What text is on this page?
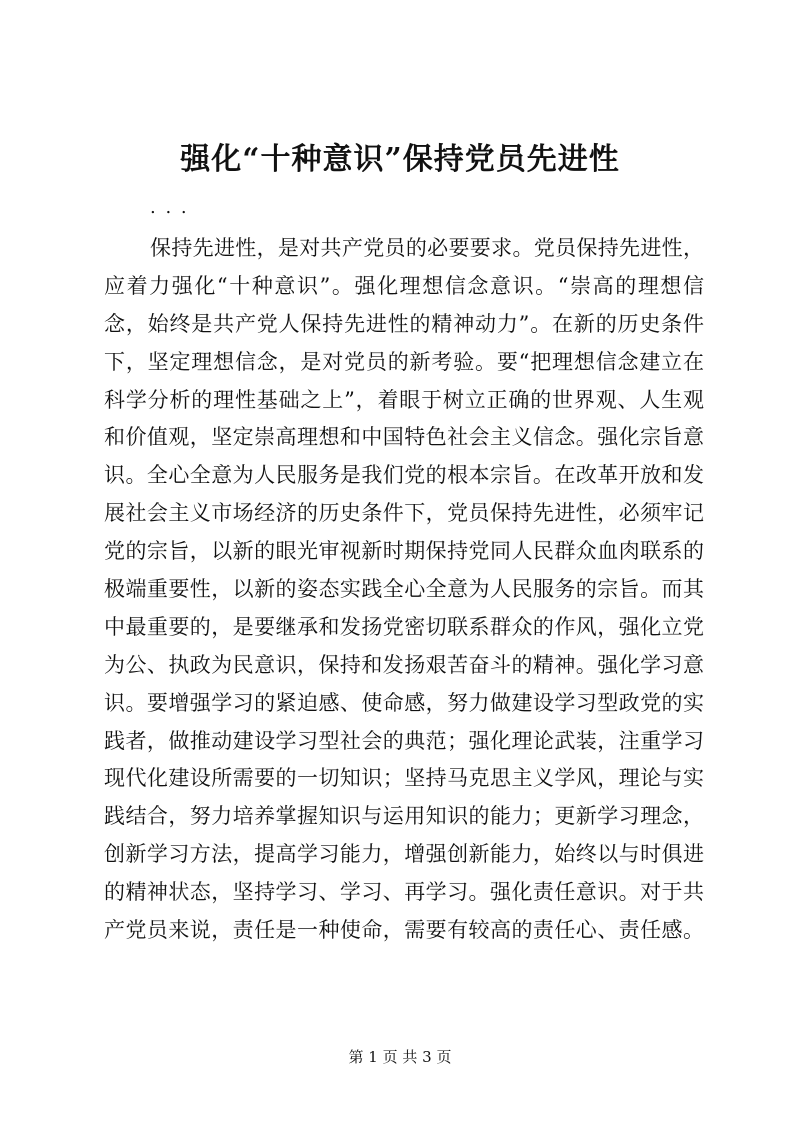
强化“十种意识”保持党员先进性
. . .
保持先进性，是对共产党员的必要要求。党员保持先进性，
应着力强化“十种意识”。强化理想信念意识。“崇高的理想信
念，始终是共产党人保持先进性的精神动力”。在新的历史条件
下，坚定理想信念，是对党员的新考验。要“把理想信念建立在
科学分析的理性基础之上”，着眼于树立正确的世界观、人生观
和价值观，坚定崇高理想和中国特色社会主义信念。强化宗旨意
识。全心全意为人民服务是我们党的根本宗旨。在改革开放和发
展社会主义市场经济的历史条件下，党员保持先进性，必须牢记
党的宗旨，以新的眼光审视新时期保持党同人民群众血肉联系的
极端重要性，以新的姿态实践全心全意为人民服务的宗旨。而其
中最重要的，是要继承和发扬党密切联系群众的作风，强化立党
为公、执政为民意识，保持和发扬艰苦奋斗的精神。强化学习意
识。要增强学习的紧迫感、使命感，努力做建设学习型政党的实
践者，做推动建设学习型社会的典范；强化理论武装，注重学习
现代化建设所需要的一切知识；坚持马克思主义学风，理论与实
践结合，努力培养掌握知识与运用知识的能力；更新学习理念，
创新学习方法，提高学习能力，增强创新能力，始终以与时俱进
的精神状态，坚持学习、学习、再学习。强化责任意识。对于共
产党员来说，责任是一种使命，需要有较高的责任心、责任感。
第 1 页 共 3 页
